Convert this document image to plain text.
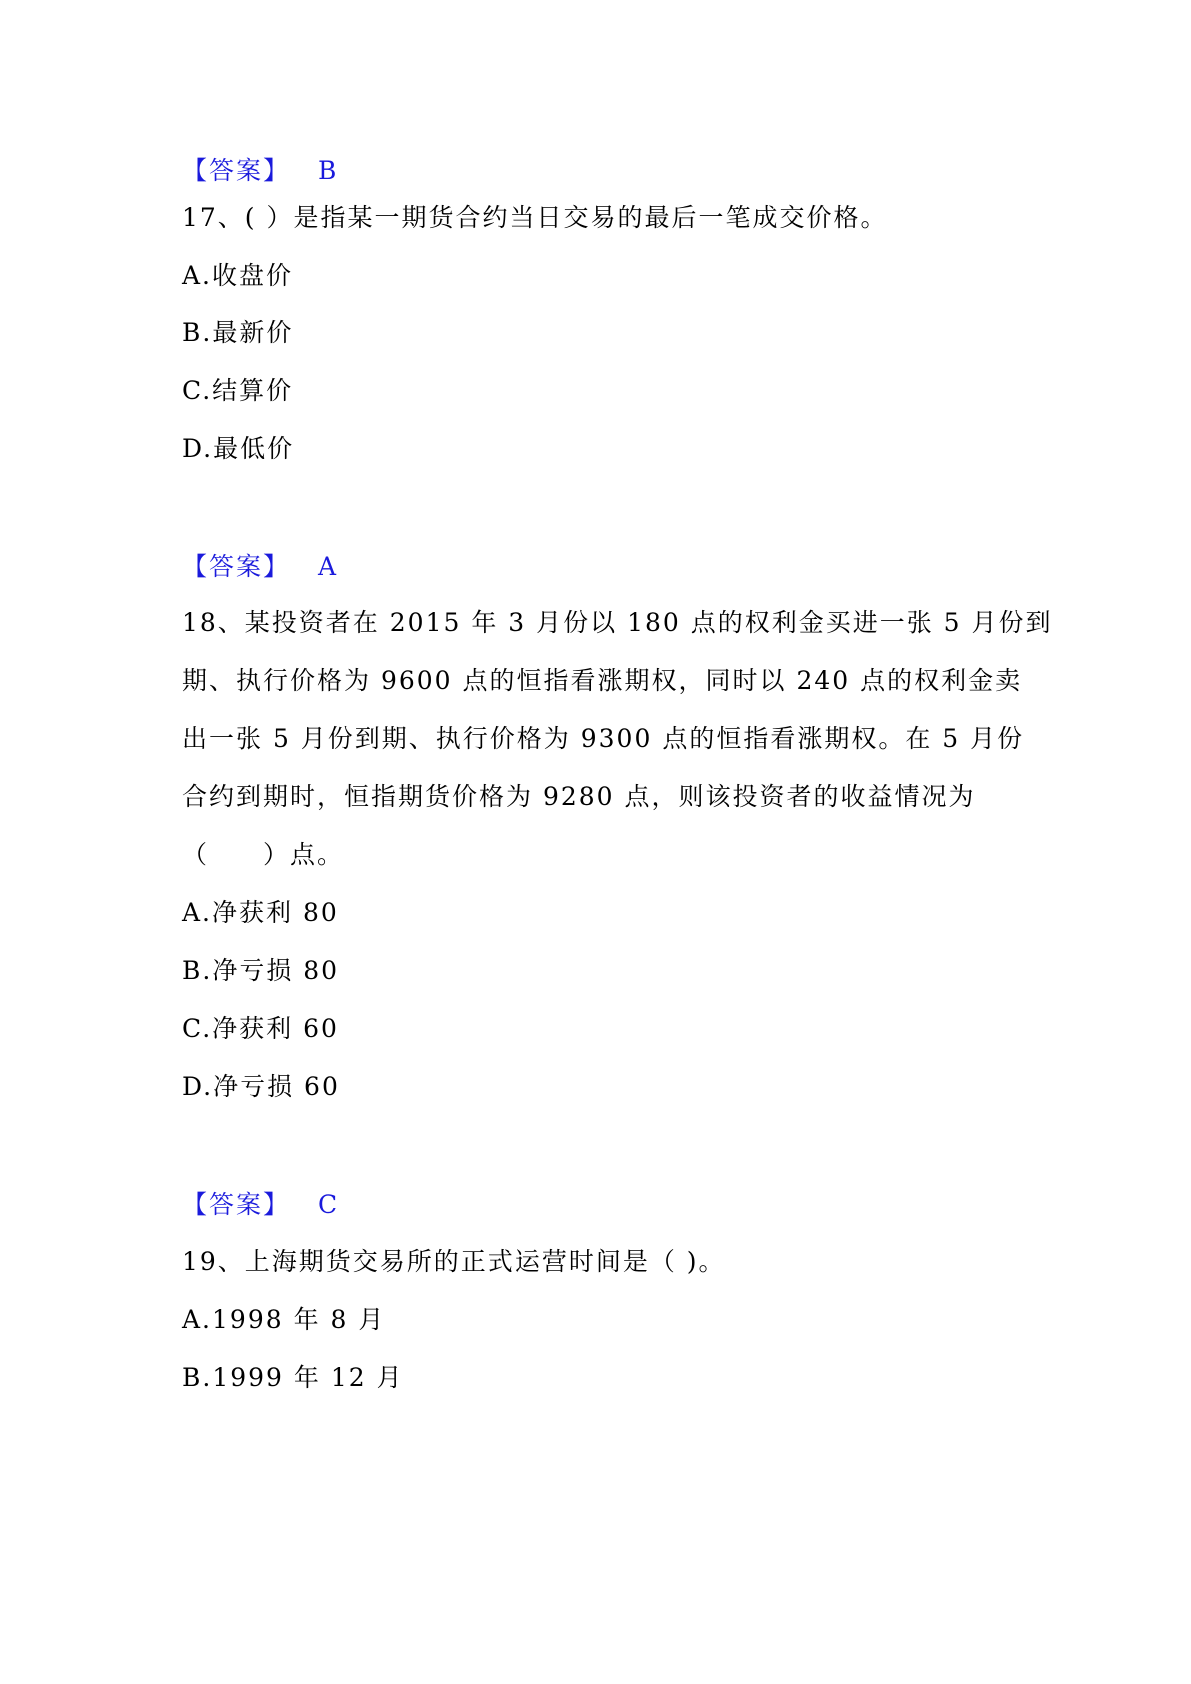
【答案】 B
17、( ）是指某一期货合约当日交易的最后一笔成交价格。
A.收盘价
B.最新价
C.结算价
D.最低价
【答案】 A
18、某投资者在 2015 年 3 月份以 180 点的权利金买进一张 5 月份到
期、执行价格为 9600 点的恒指看涨期权，同时以 240 点的权利金卖
出一张 5 月份到期、执行价格为 9300 点的恒指看涨期权。在 5 月份
合约到期时，恒指期货价格为 9280 点，则该投资者的收益情况为
（　　）点。
A.净获利 80
B.净亏损 80
C.净获利 60
D.净亏损 60
【答案】 C
19、上海期货交易所的正式运营时间是（ )。
A.1998 年 8 月
B.1999 年 12 月
